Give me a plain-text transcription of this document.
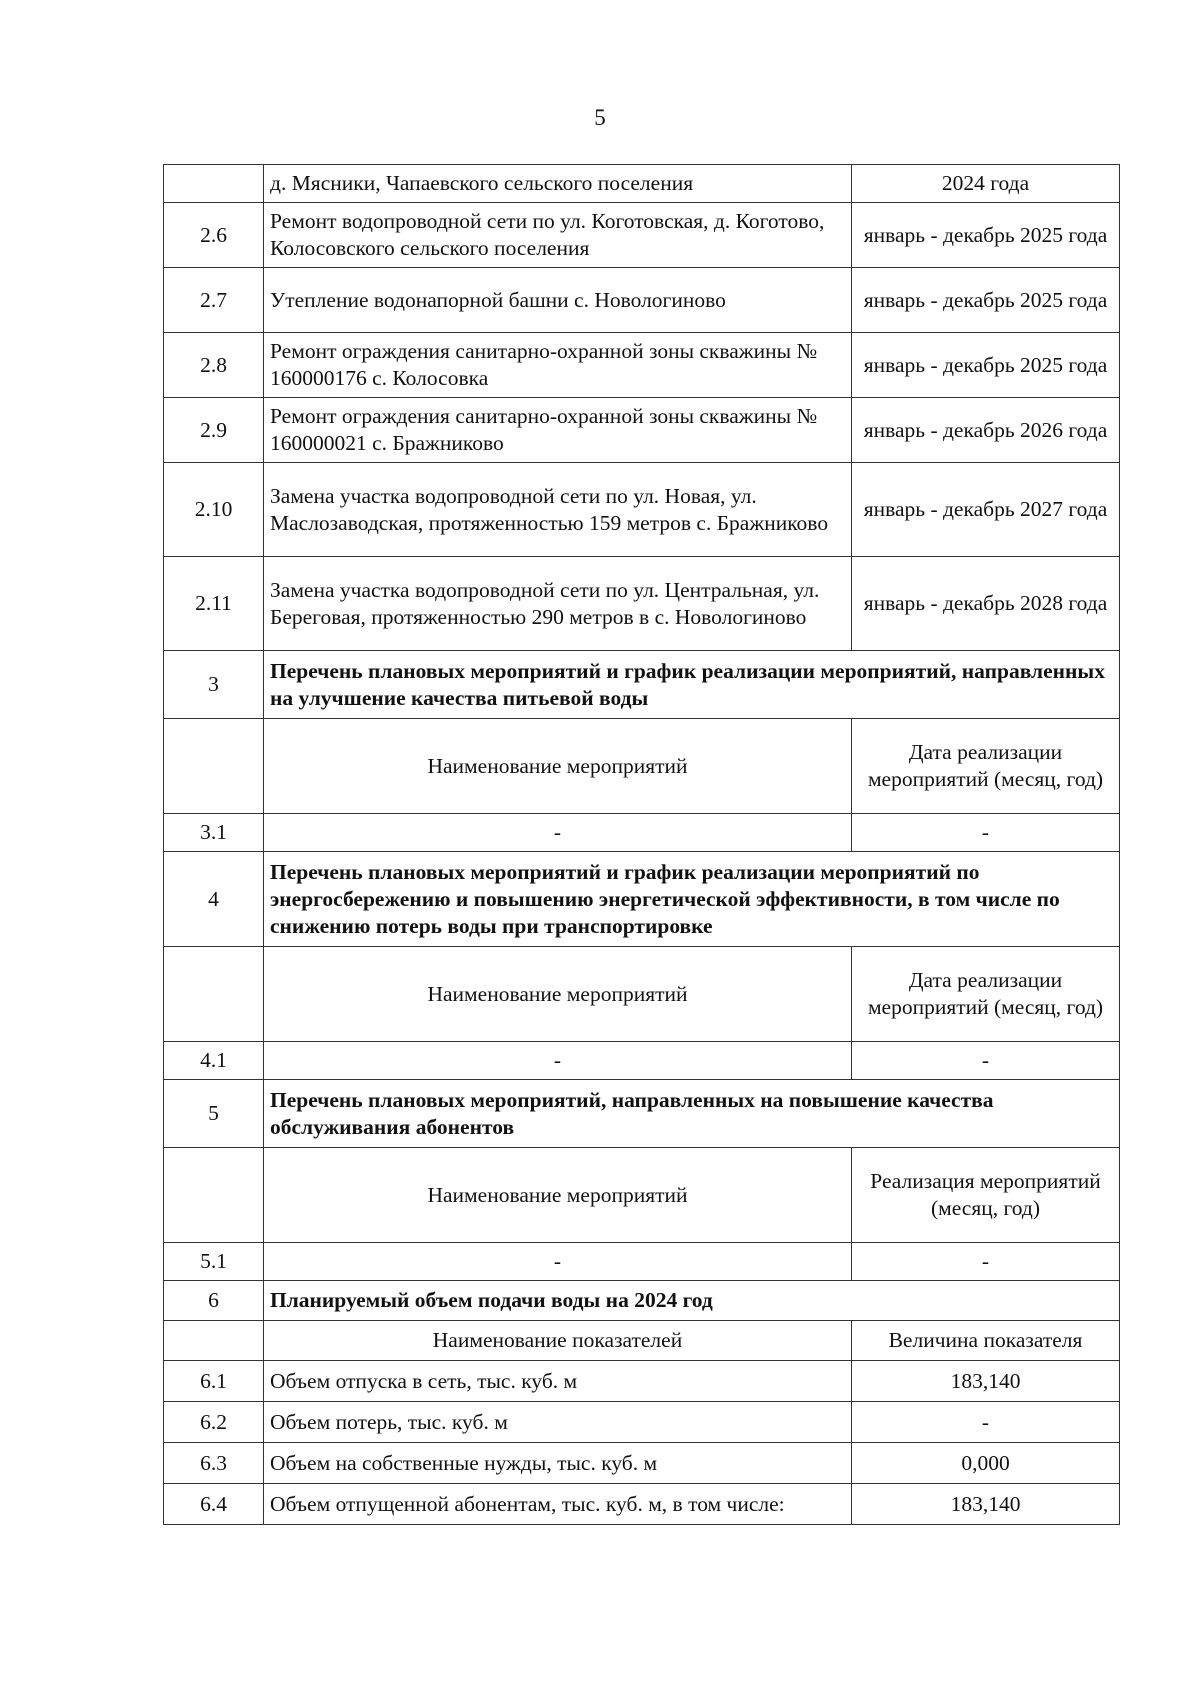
5
	д. Мясники, Чапаевского сельского поселения	2024 года
2.6	Ремонт водопроводной сети по ул. Коготовская, д. Коготово, Колосовского сельского поселения	январь - декабрь 2025 года
2.7	Утепление водонапорной башни с. Новологиново	январь - декабрь 2025 года
2.8	Ремонт ограждения санитарно-охранной зоны скважины № 160000176 с. Колосовка	январь - декабрь 2025 года
2.9	Ремонт ограждения санитарно-охранной зоны скважины № 160000021 с. Бражниково	январь - декабрь 2026 года
2.10	Замена участка водопроводной сети по ул. Новая, ул. Маслозаводская, протяженностью 159 метров с. Бражниково	январь - декабрь 2027 года
2.11	Замена участка водопроводной сети по ул. Центральная, ул. Береговая, протяженностью 290 метров в с. Новологиново	январь - декабрь 2028 года
3	Перечень плановых мероприятий и график реализации мероприятий, направленных на улучшение качества питьевой воды	
	Наименование мероприятий	Дата реализации мероприятий (месяц, год)
3.1	-	-
4	Перечень плановых мероприятий и график реализации мероприятий по энергосбережению и повышению энергетической эффективности, в том числе по снижению потерь воды при транспортировке	
	Наименование мероприятий	Дата реализации мероприятий (месяц, год)
4.1	-	-
5	Перечень плановых мероприятий, направленных на повышение качества обслуживания абонентов	
	Наименование мероприятий	Реализация мероприятий (месяц, год)
5.1	-	-
6	Планируемый объем подачи воды на 2024 год	
	Наименование показателей	Величина показателя
6.1	Объем отпуска в сеть, тыс. куб. м	183,140
6.2	Объем потерь, тыс. куб. м	-
6.3	Объем на собственные нужды, тыс. куб. м	0,000
6.4	Объем отпущенной абонентам, тыс. куб. м, в том числе:	183,140
